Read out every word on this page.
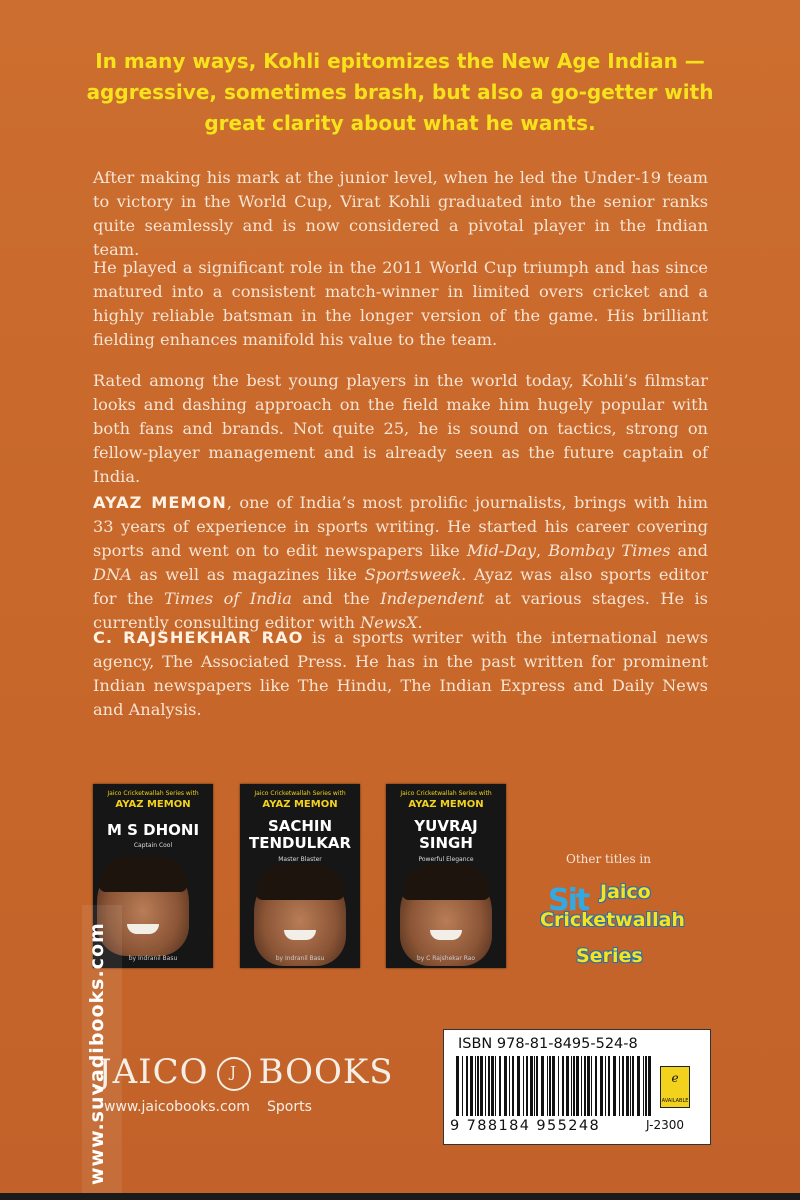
In many ways, Kohli epitomizes the New Age Indian —
aggressive, sometimes brash, but also a go-getter with
great clarity about what he wants.

After making his mark at the junior level, when he led the Under-19 team to victory in the World Cup, Virat Kohli graduated into the senior ranks quite seamlessly and is now considered a pivotal player in the Indian team.

He played a significant role in the 2011 World Cup triumph and has since matured into a consistent match-winner in limited overs cricket and a highly reliable batsman in the longer version of the game. His brilliant fielding enhances manifold his value to the team.

Rated among the best young players in the world today, Kohli’s filmstar looks and dashing approach on the field make him hugely popular with both fans and brands. Not quite 25, he is sound on tactics, strong on fellow-player management and is already seen as the future captain of India.

AYAZ MEMON, one of India’s most prolific journalists, brings with him 33 years of experience in sports writing. He started his career covering sports and went on to edit newspapers like Mid-Day, Bombay Times and DNA as well as magazines like Sportsweek. Ayaz was also sports editor for the Times of India and the Independent at various stages. He is currently consulting editor with NewsX.

C. RAJSHEKHAR RAO is a sports writer with the international news agency, The Associated Press. He has in the past written for prominent Indian newspapers like The Hindu, The Indian Express and Daily News and Analysis.

Jaico Cricketwallah Series with
AYAZ MEMON
M S DHONI
Captain Cool
by Indranil Basu
Jaico Cricketwallah Series with
AYAZ MEMON
SACHIN TENDULKAR
Master Blaster
by Indranil Basu
Jaico Cricketwallah Series with
AYAZ MEMON
YUVRAJ SINGH
Powerful Elegance
by C Rajshekar Rao
Other titles in
Sit Jaico
Cricketwallah
Series
JAICO	J BOOKS
www.jaicobooks.com Sports
ISBN 978-81-8495-524-8
9 788184 955248
e
AVAILABLE
J-2300
www.suvadibooks.com
